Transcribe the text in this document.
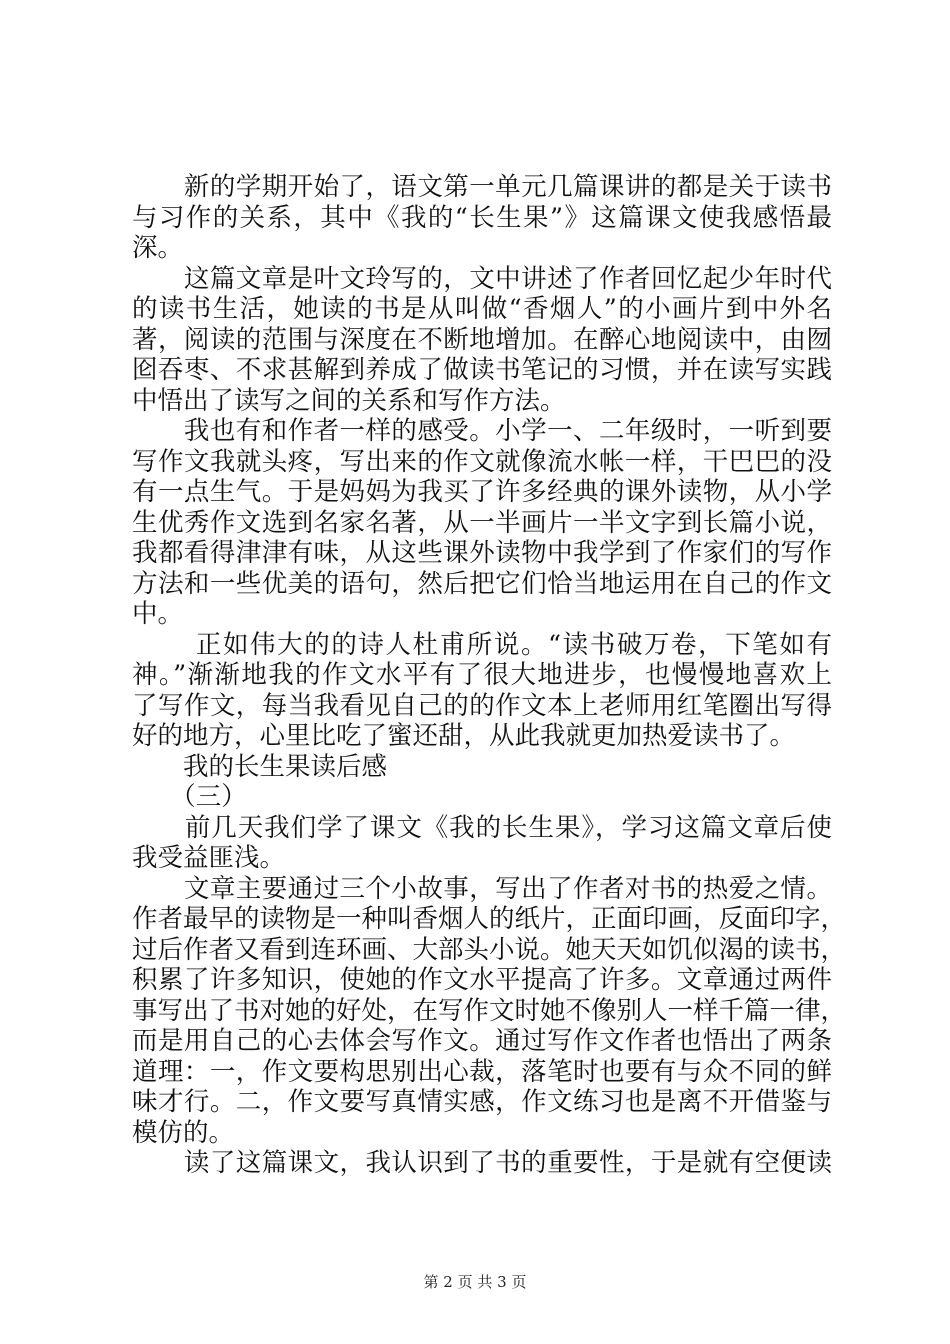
　　新的学期开始了，语文第一单元几篇课讲的都是关于读书
与习作的关系，其中《我的“长生果”》这篇课文使我感悟最
深。
　　这篇文章是叶文玲写的，文中讲述了作者回忆起少年时代
的读书生活，她读的书是从叫做“香烟人”的小画片到中外名
著，阅读的范围与深度在不断地增加。在醉心地阅读中，由囫
囵吞枣、不求甚解到养成了做读书笔记的习惯，并在读写实践
中悟出了读写之间的关系和写作方法。
　　我也有和作者一样的感受。小学一、二年级时，一听到要
写作文我就头疼，写出来的作文就像流水帐一样，干巴巴的没
有一点生气。于是妈妈为我买了许多经典的课外读物，从小学
生优秀作文选到名家名著，从一半画片一半文字到长篇小说，
我都看得津津有味，从这些课外读物中我学到了作家们的写作
方法和一些优美的语句，然后把它们恰当地运用在自己的作文
中。
　　 正如伟大的的诗人杜甫所说。“读书破万卷，下笔如有
神。”渐渐地我的作文水平有了很大地进步，也慢慢地喜欢上
了写作文，每当我看见自己的的作文本上老师用红笔圈出写得
好的地方，心里比吃了蜜还甜，从此我就更加热爱读书了。
　　我的长生果读后感
　　（三）
　　前几天我们学了课文《我的长生果》，学习这篇文章后使
我受益匪浅。
　　文章主要通过三个小故事，写出了作者对书的热爱之情。
作者最早的读物是一种叫香烟人的纸片，正面印画，反面印字，
过后作者又看到连环画、大部头小说。她天天如饥似渴的读书，
积累了许多知识，使她的作文水平提高了许多。文章通过两件
事写出了书对她的好处，在写作文时她不像别人一样千篇一律，
而是用自己的心去体会写作文。通过写作文作者也悟出了两条
道理：一，作文要构思别出心裁，落笔时也要有与众不同的鲜
味才行。二，作文要写真情实感，作文练习也是离不开借鉴与
模仿的。
　　读了这篇课文，我认识到了书的重要性，于是就有空便读
第 2 页 共 3 页
